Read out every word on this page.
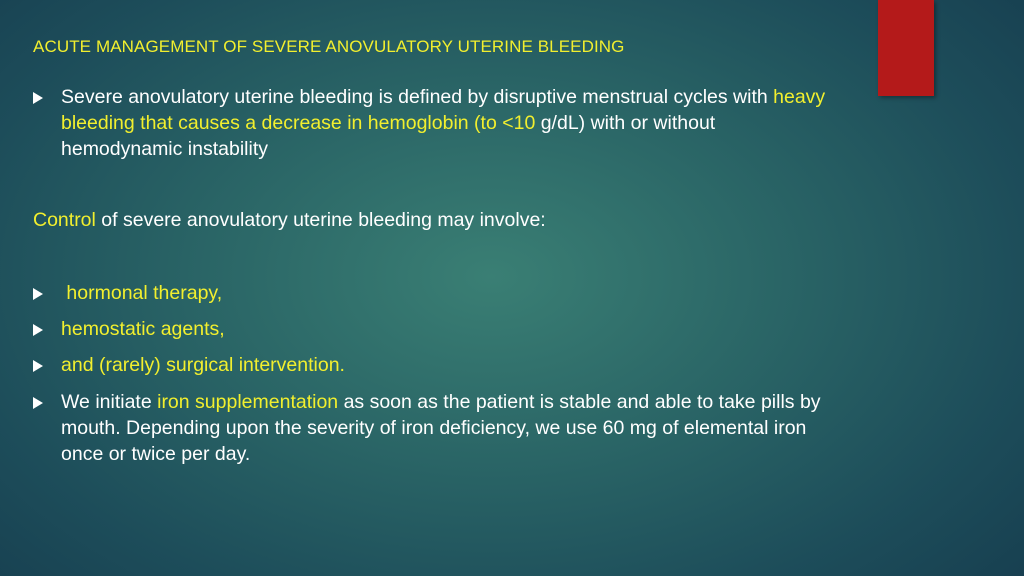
ACUTE MANAGEMENT OF SEVERE ANOVULATORY UTERINE BLEEDING
Severe anovulatory uterine bleeding is defined by disruptive menstrual cycles with heavy bleeding that causes a decrease in hemoglobin (to <10 g/dL) with or without hemodynamic instability
Control of severe anovulatory uterine bleeding may involve:
hormonal therapy,
hemostatic agents,
and (rarely) surgical intervention.
We initiate iron supplementation as soon as the patient is stable and able to take pills by mouth. Depending upon the severity of iron deficiency, we use 60 mg of elemental iron once or twice per day.
